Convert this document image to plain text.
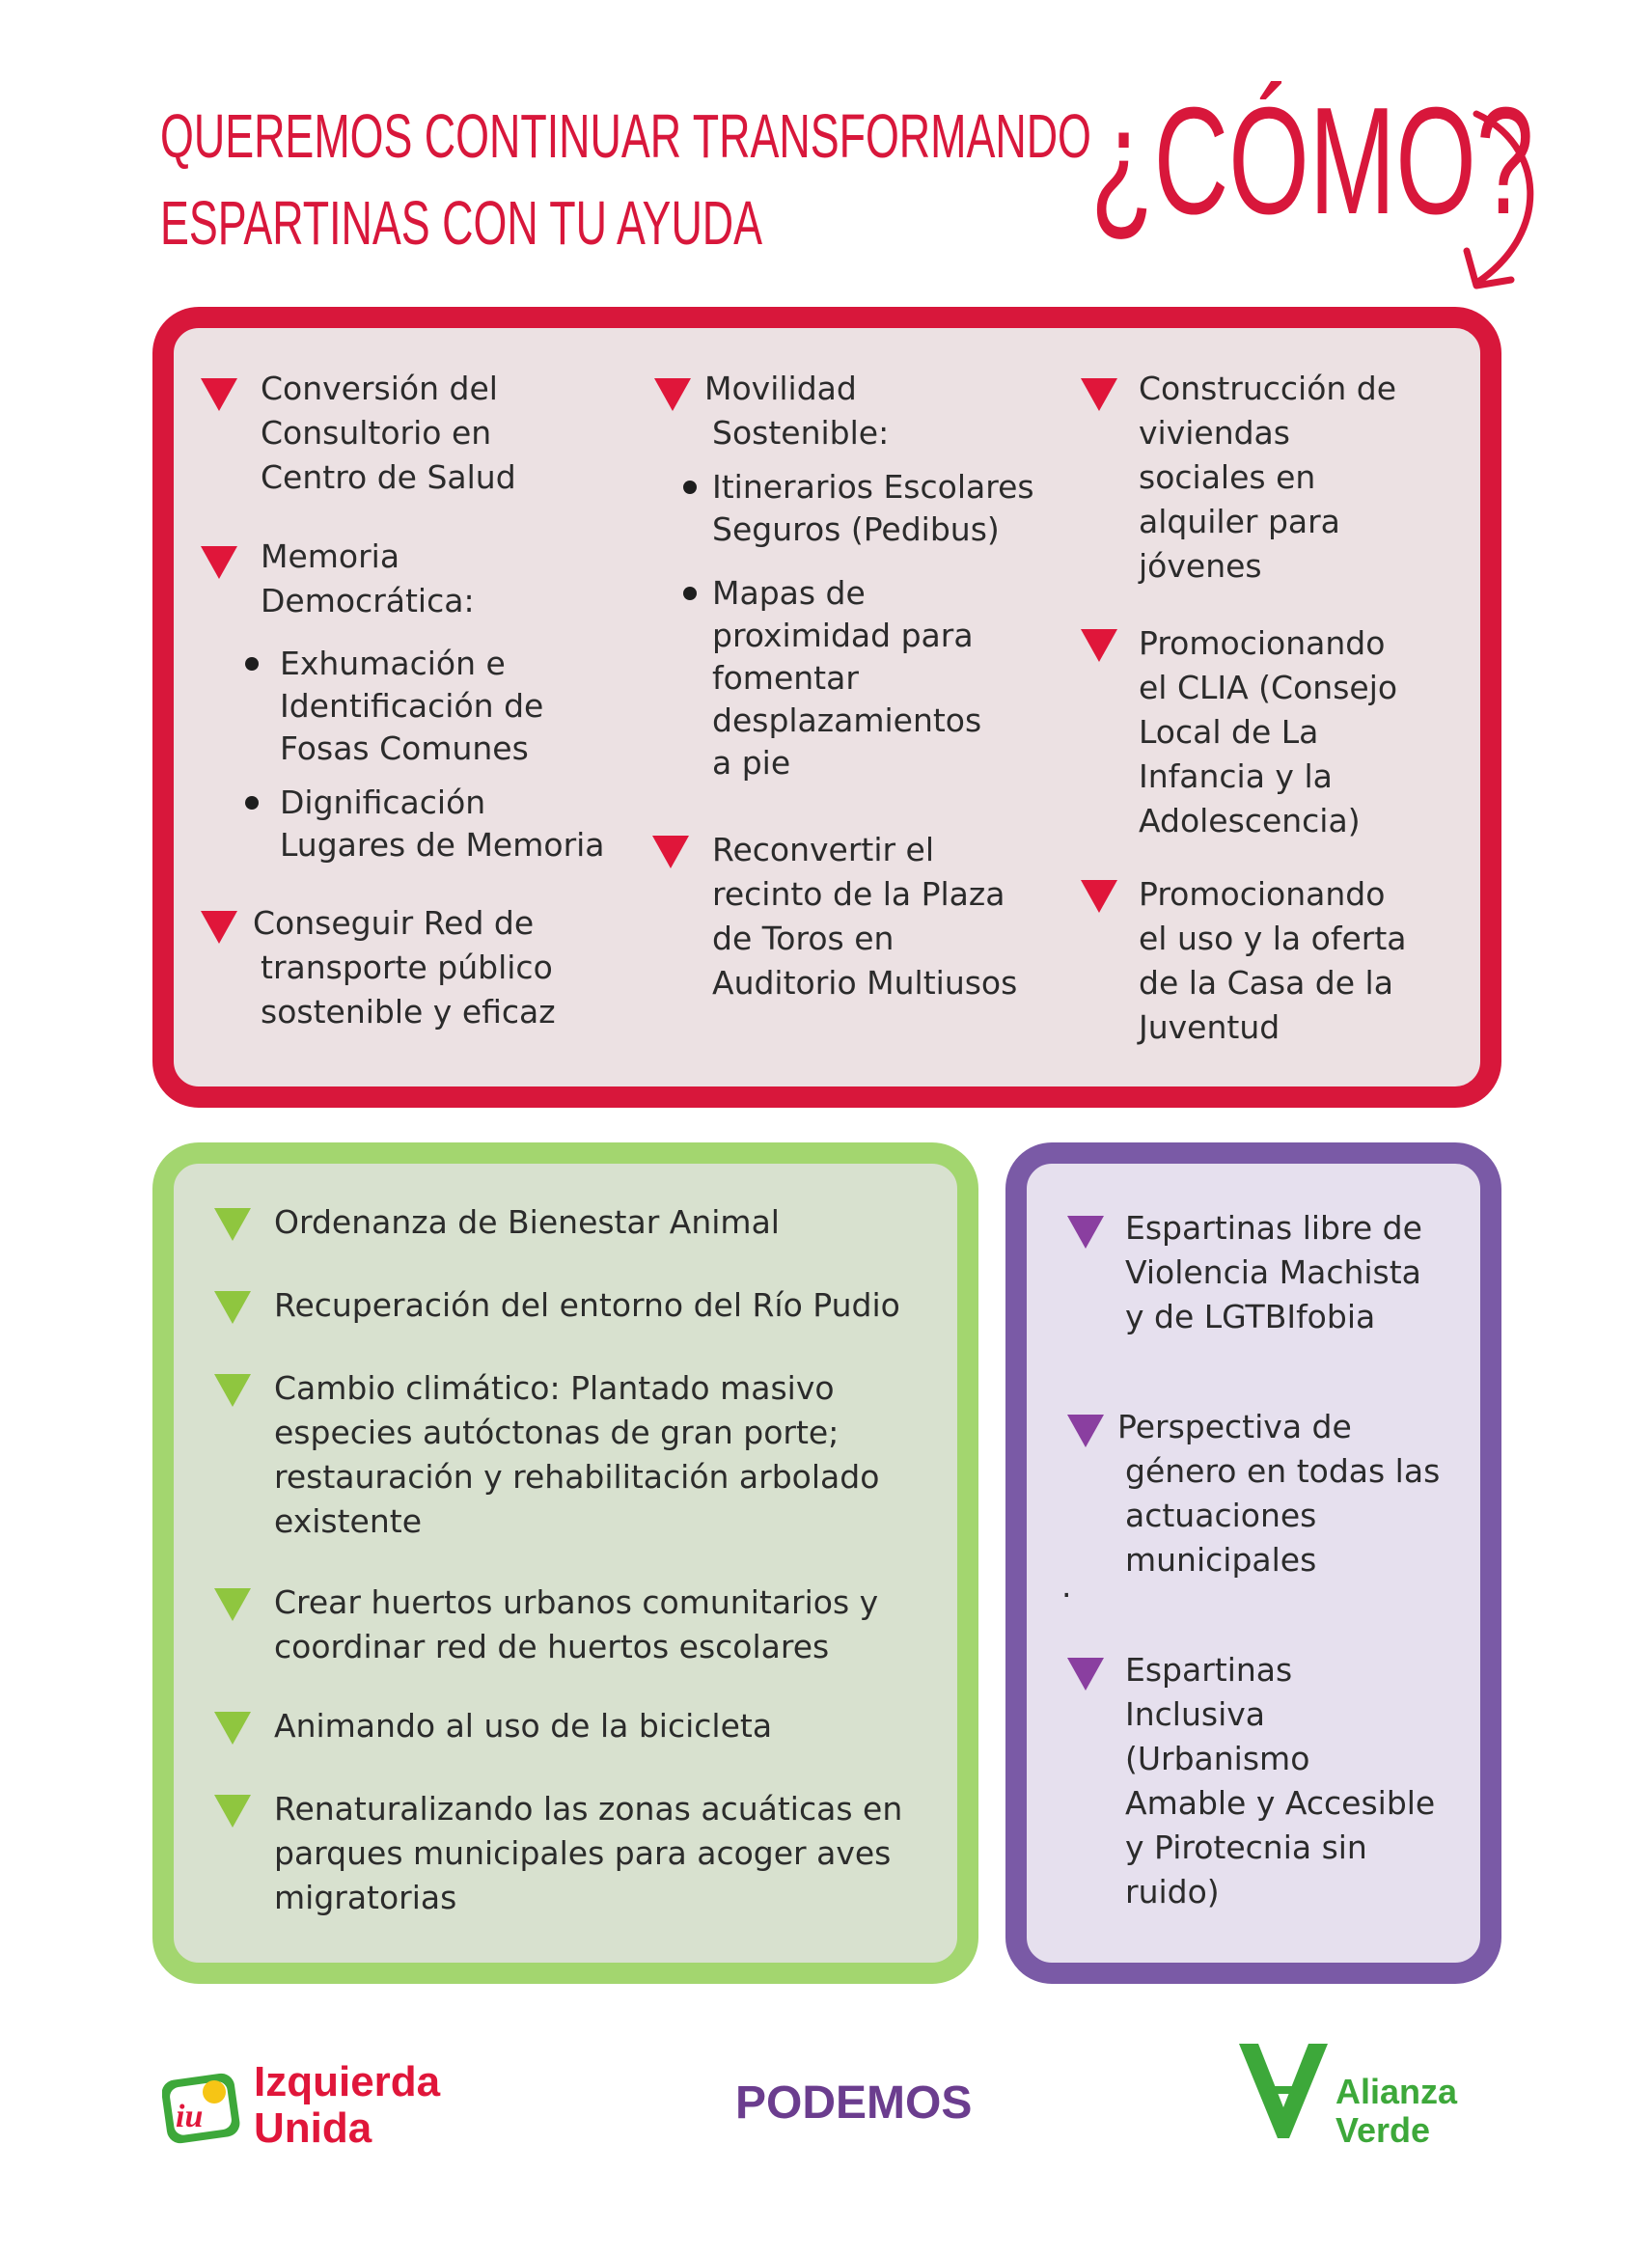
QUEREMOS CONTINUAR TRANSFORMANDO
ESPARTINAS CON TU AYUDA	¿CÓMO?
Conversión del
Consultorio en
Centro de Salud
Memoria
Democrática:
Exhumación e
Identificación de
Fosas Comunes
Dignificación
Lugares de Memoria
Conseguir Red de
transporte público
sostenible y eficaz
Movilidad
Sostenible:
Itinerarios Escolares
Seguros (Pedibus)
Mapas de
proximidad para
fomentar
desplazamientos
a pie
Reconvertir el
recinto de la Plaza
de Toros en
Auditorio Multiusos
Construcción de
viviendas
sociales en
alquiler para
jóvenes
Promocionando
el CLIA (Consejo
Local de La
Infancia y la
Adolescencia)
Promocionando
el uso y la oferta
de la Casa de la
Juventud
Ordenanza de Bienestar Animal
Recuperación del entorno del Río Pudio
Cambio climático: Plantado masivo
especies autóctonas de gran porte;
restauración y rehabilitación arbolado
existente
Crear huertos urbanos comunitarios y
coordinar red de huertos escolares
Animando al uso de la bicicleta
Renaturalizando las zonas acuáticas en
parques municipales para acoger aves
migratorias
Espartinas libre de
Violencia Machista
y de LGTBIfobia
Perspectiva de
género en todas las
actuaciones
municipales
.
Espartinas
Inclusiva
(Urbanismo
Amable y Accesible
y Pirotecnia sin
ruido)
iu
Izquierda
Unida	PODEMOS	Alianza
Verde
